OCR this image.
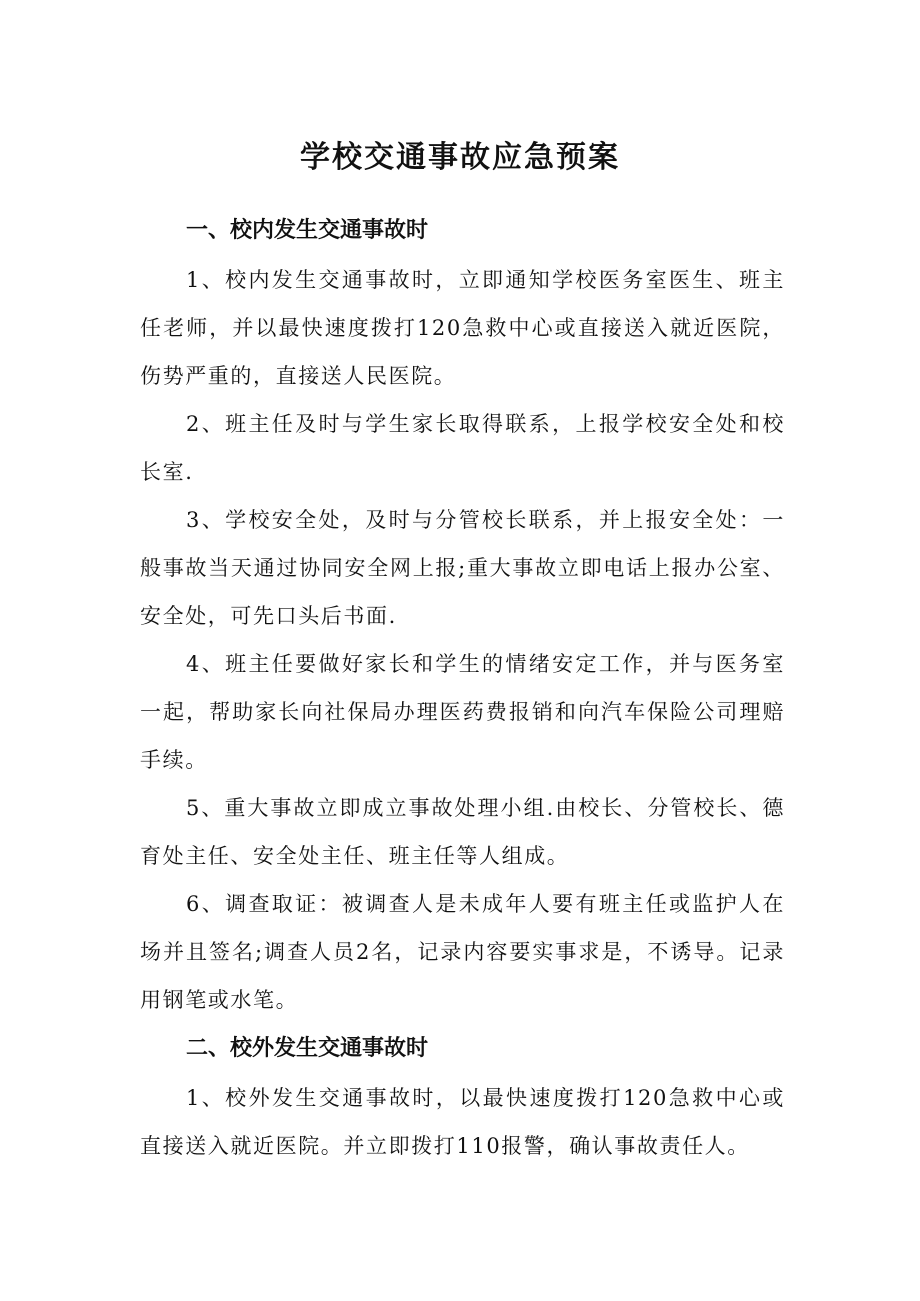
学校交通事故应急预案
一、校内发生交通事故时

1、校内发生交通事故时，立即通知学校医务室医生、班主任老师，并以最快速度拨打120急救中心或直接送入就近医院，伤势严重的，直接送人民医院。

2、班主任及时与学生家长取得联系，上报学校安全处和校长室.

3、学校安全处，及时与分管校长联系，并上报安全处：一般事故当天通过协同安全网上报;重大事故立即电话上报办公室、安全处，可先口头后书面.

4、班主任要做好家长和学生的情绪安定工作，并与医务室一起，帮助家长向社保局办理医药费报销和向汽车保险公司理赔手续。

5、重大事故立即成立事故处理小组.由校长、分管校长、德育处主任、安全处主任、班主任等人组成。

6、调查取证：被调查人是未成年人要有班主任或监护人在场并且签名;调查人员2名，记录内容要实事求是，不诱导。记录用钢笔或水笔。

二、校外发生交通事故时

1、校外发生交通事故时，以最快速度拨打120急救中心或直接送入就近医院。并立即拨打110报警，确认事故责任人。
